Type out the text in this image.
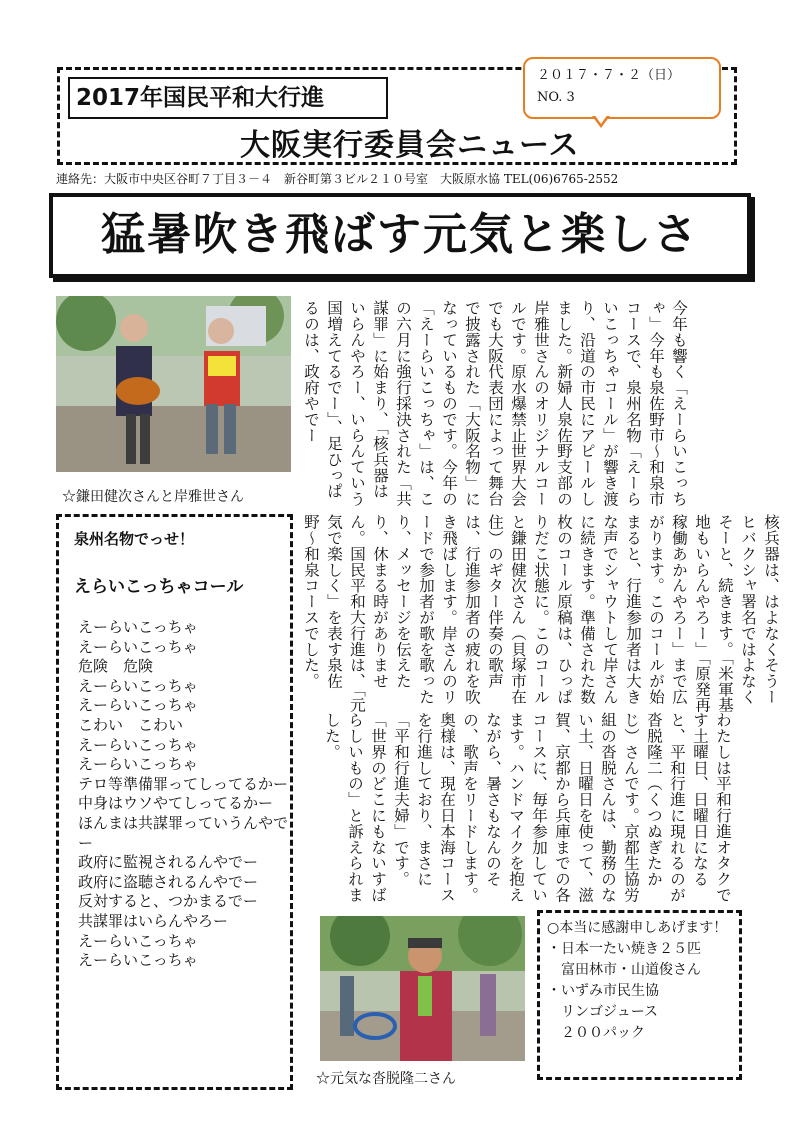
2017年国民平和大行進
大阪実行委員会ニュース
２０１７・７・２（日）
NO. 3
連絡先：大阪市中央区谷町７丁目３－４　新谷町第３ビル２１０号室　大阪原水協 TEL(06)6765-2552
猛暑吹き飛ばす元気と楽しさ
☆鎌田健次さんと岸雅世さん	今年も響く「えーらいこっちゃ」今年も泉佐野市〜和泉市コースで、泉州名物「えーらいこっちゃコール」が響き渡り、沿道の市民にアピールしました。新婦人泉佐野支部の岸雅世さんのオリジナルコールです。原水爆禁止世界大会でも大阪代表団によって舞台で披露された「大阪名物」になっているものです。今年の「えーらいこっちゃ」は、この六月に強行採決された「共謀罪」に始まり、「核兵器はいらんやろー、いらんていう国増えてるでー」、足ひっぱるのは、政府やでー
核兵器は、はよなくそうーヒバクシャ署名ではよなくそーと、続きます。「米軍基地もいらんやろー」「原発再稼働あかんやろー」まで広がります。このコールが始まると、行進参加者は大きな声でシャウトして岸さんに続きます。準備された数枚のコール原稿は、ひっぱりだこ状態に。このコールと鎌田健次さん（貝塚市在住）のギター伴奏の歌声は、行進参加者の疲れを吹き飛ばします。岸さんのリードで参加者が歌を歌ったり、メッセージを伝えたり、休まる時がありません。国民平和大行進は、「元気で楽しく」を表す泉佐野〜和泉コースでした。
わたしは平和行進オタクです土曜日、日曜日になると、平和行進に現れるのが沓脱隆二（くつぬぎたかじ）さんです。京都生協労組の沓脱さんは、勤務のない土、日曜日を使って、滋賀、京都から兵庫までの各コースに、毎年参加しています。ハンドマイクを抱えながら、暑さもなんのその、歌声をリードします。奥様は、現在日本海コースを行進しており、まさに「平和行進夫婦」です。「世界のどこにもないすばらしいもの」と訴えられました。
泉州名物でっせ！
えらいこっちゃコール
えーらいこっちゃ
えーらいこっちゃ
危険　危険
えーらいこっちゃ
えーらいこっちゃ
こわい　こわい
えーらいこっちゃ
えーらいこっちゃ
テロ等準備罪ってしってるかー
中身はウソやてしってるかー
ほんまは共謀罪っていうんやでー
政府に監視されるんやでー
政府に盗聴されるんやでー
反対すると、つかまるでー
共謀罪はいらんやろー
えーらいこっちゃ
えーらいこっちゃ
☆元気な沓脱隆二さん
○本当に感謝申しあげます！
・日本一たい焼き２５匹
富田林市・山道俊さん
・いずみ市民生協
リンゴジュース
２００パック
